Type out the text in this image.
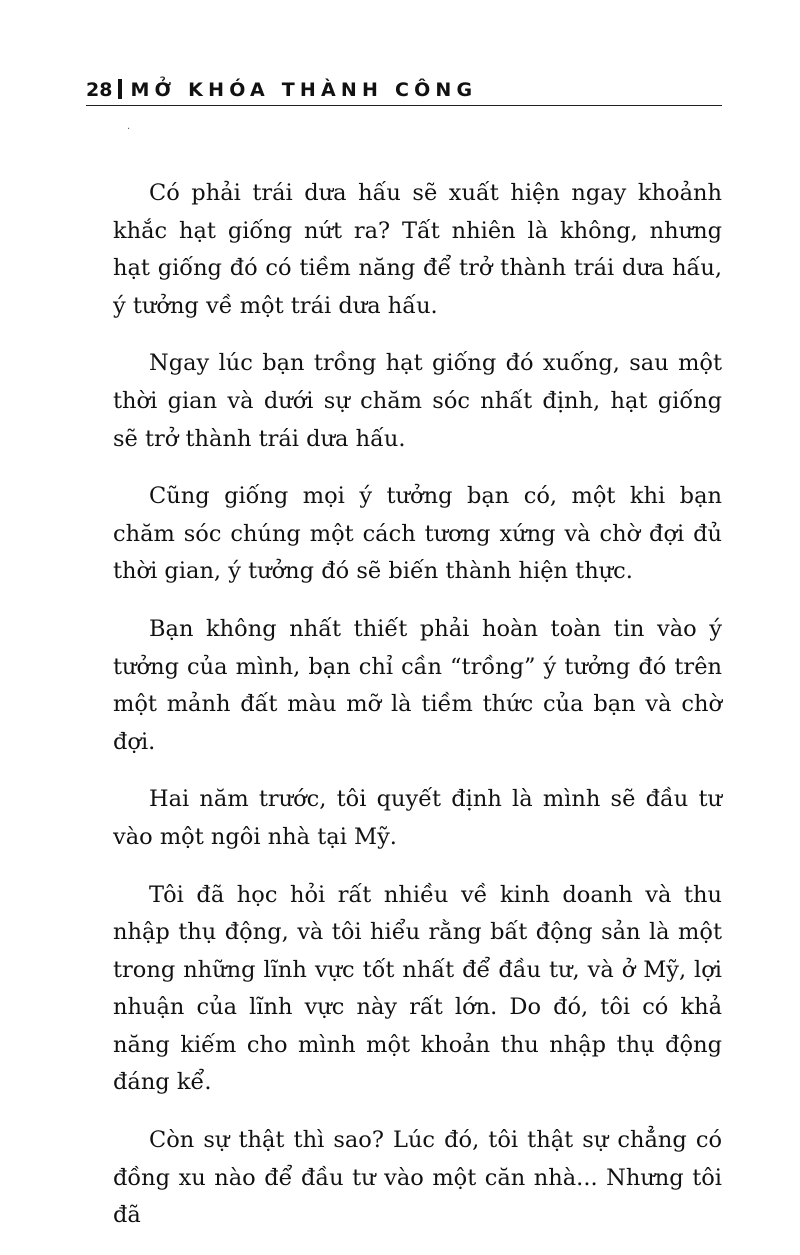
28 MỞ KHÓA THÀNH CÔNG
·

Có phải trái dưa hấu sẽ xuất hiện ngay khoảnh khắc hạt giống nứt ra? Tất nhiên là không, nhưng hạt giống đó có tiềm năng để trở thành trái dưa hấu, ý tưởng về một trái dưa hấu.

Ngay lúc bạn trồng hạt giống đó xuống, sau một thời gian và dưới sự chăm sóc nhất định, hạt giống sẽ trở thành trái dưa hấu.

Cũng giống mọi ý tưởng bạn có, một khi bạn chăm sóc chúng một cách tương xứng và chờ đợi đủ thời gian, ý tưởng đó sẽ biến thành hiện thực.

Bạn không nhất thiết phải hoàn toàn tin vào ý tưởng của mình, bạn chỉ cần “trồng” ý tưởng đó trên một mảnh đất màu mỡ là tiềm thức của bạn và chờ đợi.

Hai năm trước, tôi quyết định là mình sẽ đầu tư vào một ngôi nhà tại Mỹ.

Tôi đã học hỏi rất nhiều về kinh doanh và thu nhập thụ động, và tôi hiểu rằng bất động sản là một trong những lĩnh vực tốt nhất để đầu tư, và ở Mỹ, lợi nhuận của lĩnh vực này rất lớn. Do đó, tôi có khả năng kiếm cho mình một khoản thu nhập thụ động đáng kể.

Còn sự thật thì sao? Lúc đó, tôi thật sự chẳng có đồng xu nào để đầu tư vào một căn nhà... Nhưng tôi đã
